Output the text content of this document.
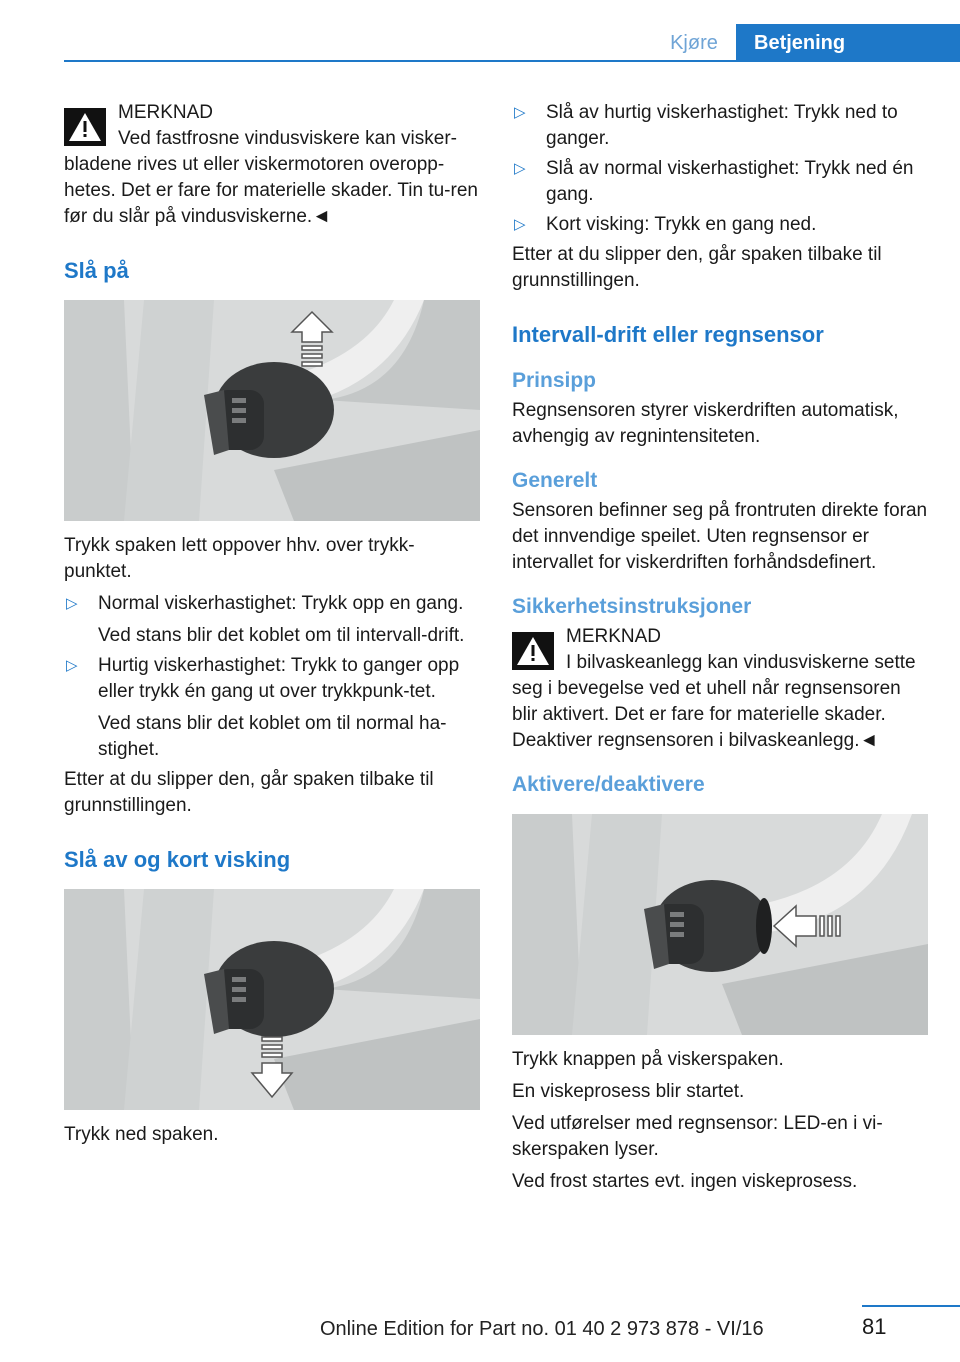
Kjøre	Betjening
MERKNAD
Ved fastfrosne vindusviskere kan visker-bladene rives ut eller viskermotoren overopp-hetes. Det er fare for materielle skader. Tin tu-ren før du slår på vindusviskerne.◄
Slå på

Trykk spaken lett oppover hhv. over trykk-punktet.

▷ Normal viskerhastighet: Trykk opp en gang.
Ved stans blir det koblet om til intervall-drift.
▷ Hurtig viskerhastighet: Trykk to ganger opp eller trykk én gang ut over trykkpunk-tet.
Ved stans blir det koblet om til normal ha-stighet.

Etter at du slipper den, går spaken tilbake til grunnstillingen.

Slå av og kort visking

Trykk ned spaken.

▷ Slå av hurtig viskerhastighet: Trykk ned to ganger.
▷ Slå av normal viskerhastighet: Trykk ned én gang.
▷ Kort visking: Trykk en gang ned.

Etter at du slipper den, går spaken tilbake til grunnstillingen.

Intervall-drift eller regnsensor
Prinsipp

Regnsensoren styrer viskerdriften automatisk, avhengig av regnintensiteten.

Generelt

Sensoren befinner seg på frontruten direkte foran det innvendige speilet. Uten regnsensor er intervallet for viskerdriften forhåndsdefinert.

Sikkerhetsinstruksjoner
MERKNAD
I bilvaskeanlegg kan vindusviskerne sette seg i bevegelse ved et uhell når regnsensoren blir aktivert. Det er fare for materielle skader. Deaktiver regnsensoren i bilvaskeanlegg.◄
Aktivere/deaktivere

Trykk knappen på viskerspaken.

En viskeprosess blir startet.

Ved utførelser med regnsensor: LED-en i vi-skerspaken lyser.

Ved frost startes evt. ingen viskeprosess.

81
Online Edition for Part no. 01 40 2 973 878 - VI/16
